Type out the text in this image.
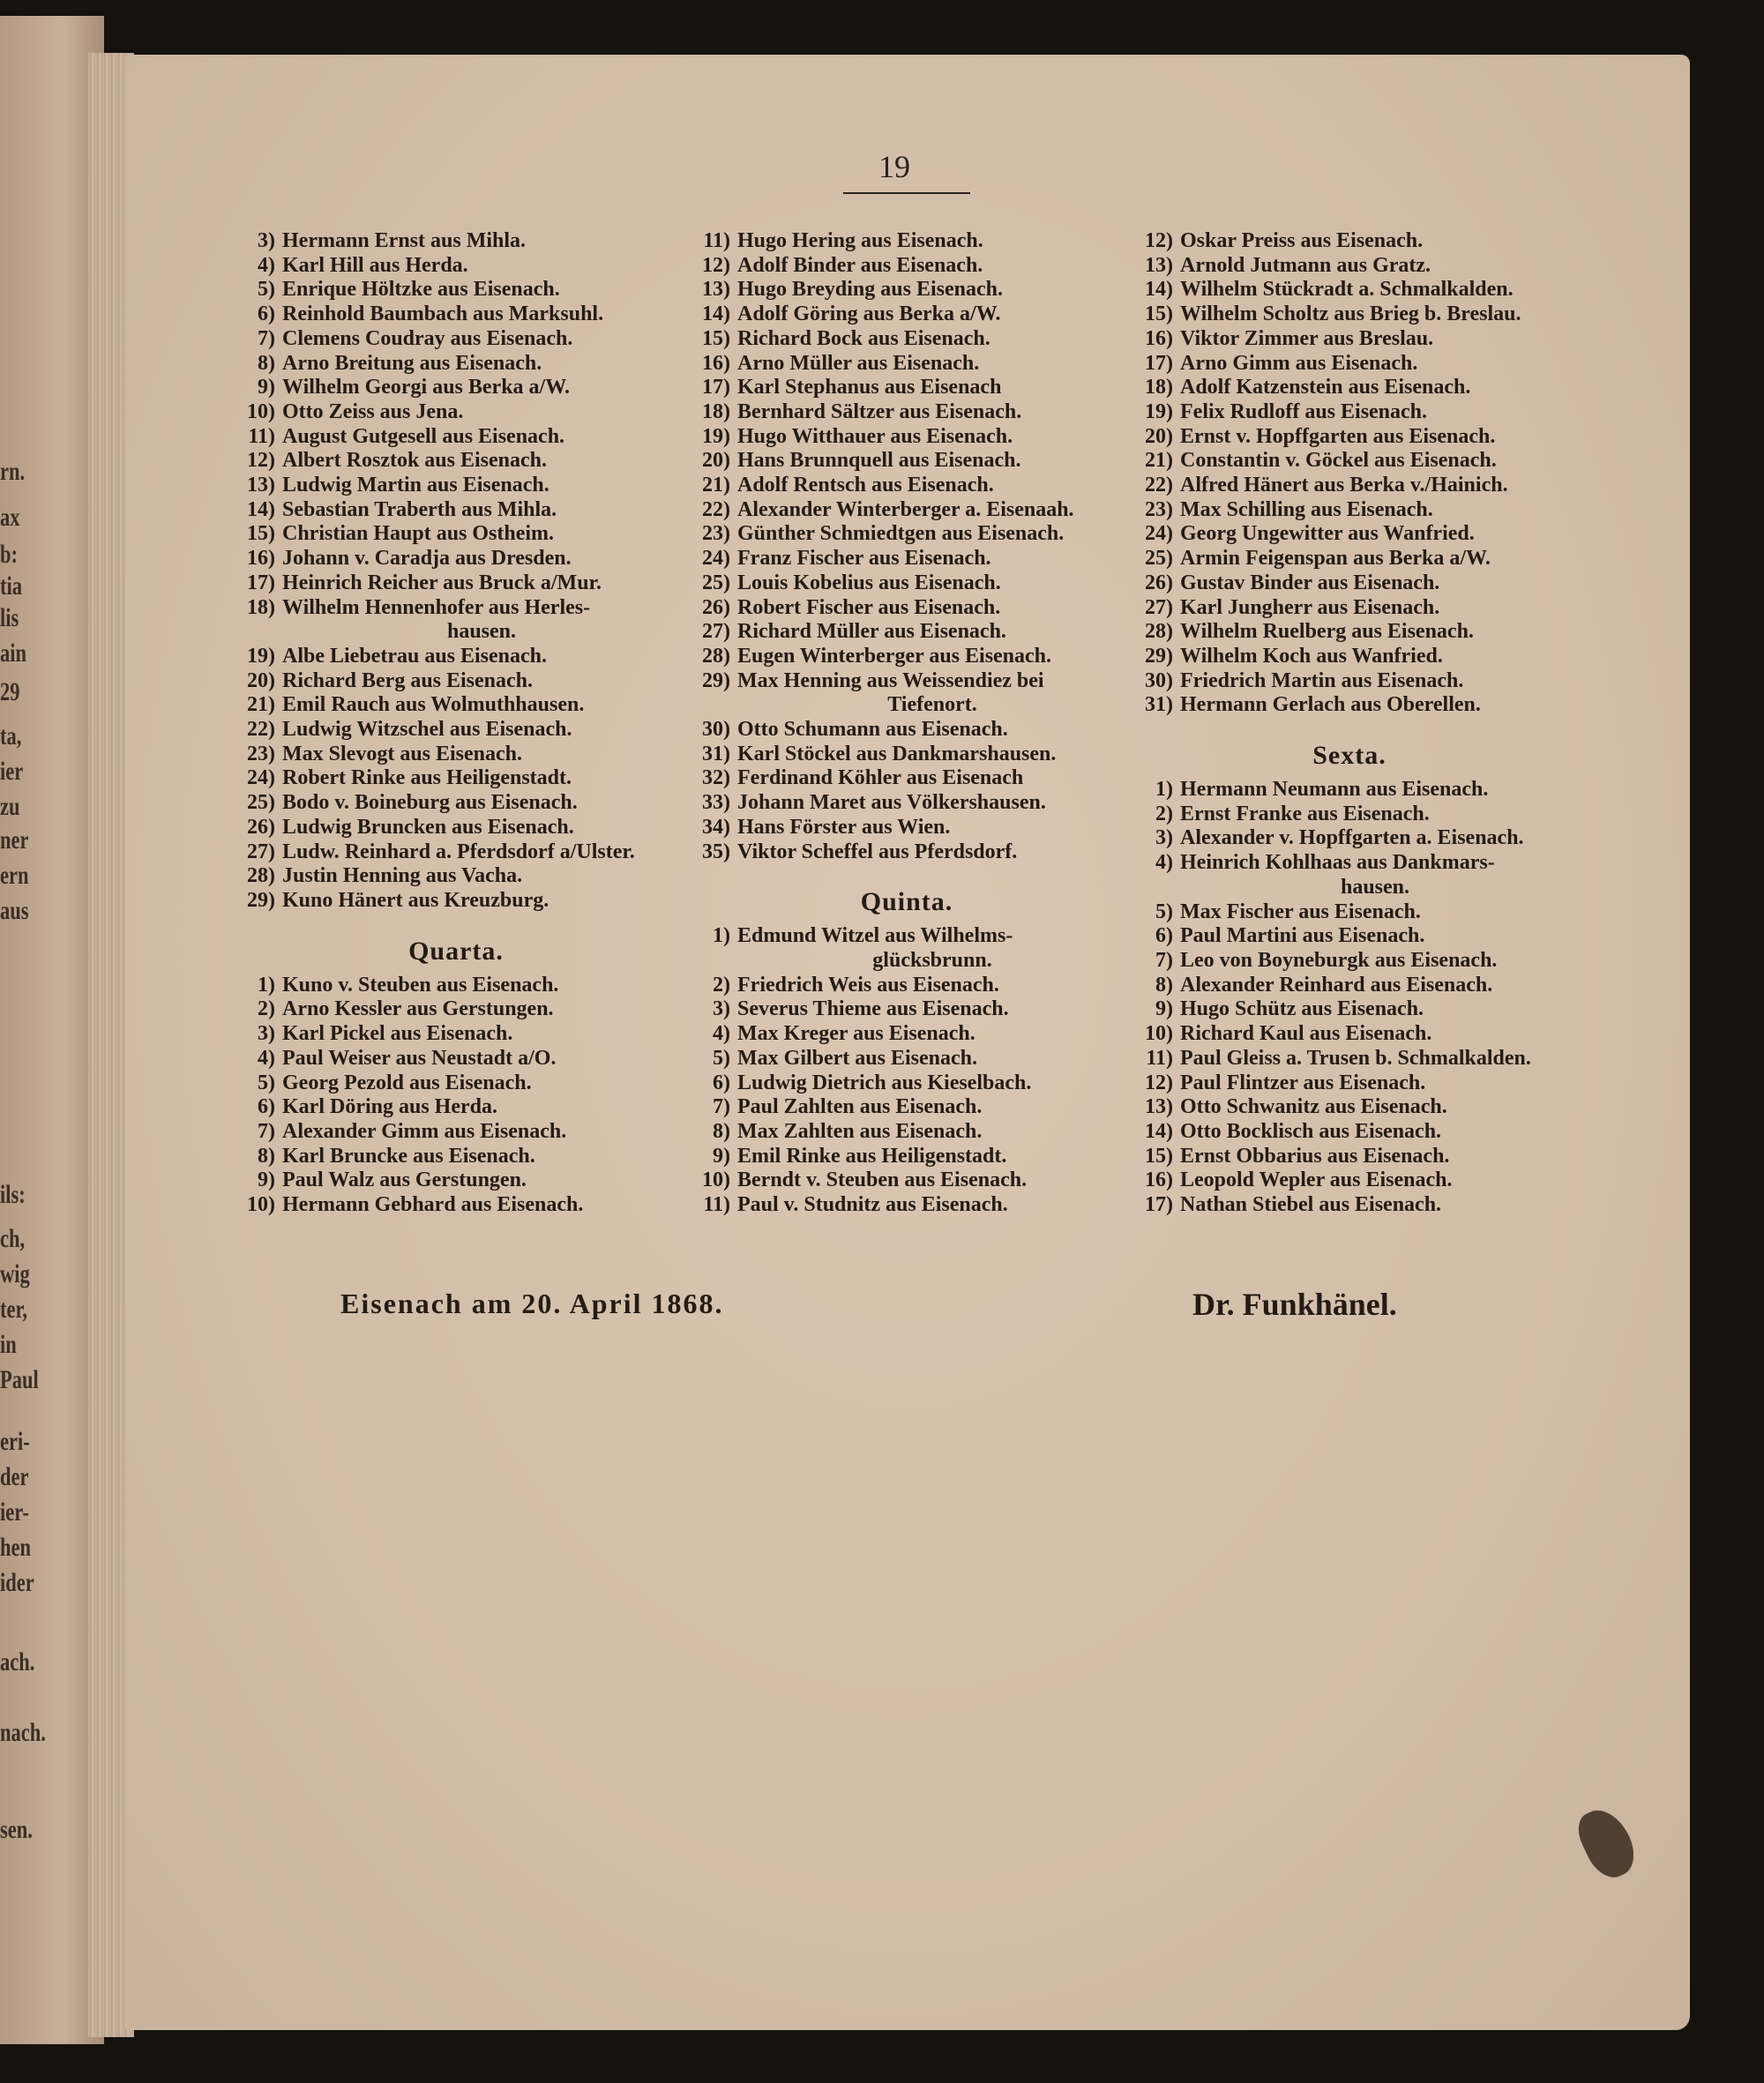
rn.
ax
b:
tia
lis
ain
29
ta,
ier
zu
ner
ern
aus
ils:
ch,
wig
ter,
in
Paul
eri-
der
ier-
hen
ider
ach.
nach.
sen.
19
3) Hermann Ernst aus Mihla.
4) Karl Hill aus Herda.
5) Enrique Höltzke aus Eisenach.
6) Reinhold Baumbach aus Marksuhl.
7) Clemens Coudray aus Eisenach.
8) Arno Breitung aus Eisenach.
9) Wilhelm Georgi aus Berka a/W.
10) Otto Zeiss aus Jena.
11) August Gutgesell aus Eisenach.
12) Albert Rosztok aus Eisenach.
13) Ludwig Martin aus Eisenach.
14) Sebastian Traberth aus Mihla.
15) Christian Haupt aus Ostheim.
16) Johann v. Caradja aus Dresden.
17) Heinrich Reicher aus Bruck a/Mur.
18) Wilhelm Hennenhofer aus Herles-
hausen.
19) Albe Liebetrau aus Eisenach.
20) Richard Berg aus Eisenach.
21) Emil Rauch aus Wolmuthhausen.
22) Ludwig Witzschel aus Eisenach.
23) Max Slevogt aus Eisenach.
24) Robert Rinke aus Heiligenstadt.
25) Bodo v. Boineburg aus Eisenach.
26) Ludwig Bruncken aus Eisenach.
27) Ludw. Reinhard a. Pferdsdorf a/Ulster.
28) Justin Henning aus Vacha.
29) Kuno Hänert aus Kreuzburg.
Quarta.
1) Kuno v. Steuben aus Eisenach.
2) Arno Kessler aus Gerstungen.
3) Karl Pickel aus Eisenach.
4) Paul Weiser aus Neustadt a/O.
5) Georg Pezold aus Eisenach.
6) Karl Döring aus Herda.
7) Alexander Gimm aus Eisenach.
8) Karl Bruncke aus Eisenach.
9) Paul Walz aus Gerstungen.
10) Hermann Gebhard aus Eisenach.
11) Hugo Hering aus Eisenach.
12) Adolf Binder aus Eisenach.
13) Hugo Breyding aus Eisenach.
14) Adolf Göring aus Berka a/W.
15) Richard Bock aus Eisenach.
16) Arno Müller aus Eisenach.
17) Karl Stephanus aus Eisenach
18) Bernhard Sältzer aus Eisenach.
19) Hugo Witthauer aus Eisenach.
20) Hans Brunnquell aus Eisenach.
21) Adolf Rentsch aus Eisenach.
22) Alexander Winterberger a. Eisenaah.
23) Günther Schmiedtgen aus Eisenach.
24) Franz Fischer aus Eisenach.
25) Louis Kobelius aus Eisenach.
26) Robert Fischer aus Eisenach.
27) Richard Müller aus Eisenach.
28) Eugen Winterberger aus Eisenach.
29) Max Henning aus Weissendiez bei
Tiefenort.
30) Otto Schumann aus Eisenach.
31) Karl Stöckel aus Dankmarshausen.
32) Ferdinand Köhler aus Eisenach
33) Johann Maret aus Völkershausen.
34) Hans Förster aus Wien.
35) Viktor Scheffel aus Pferdsdorf.
Quinta.
1) Edmund Witzel aus Wilhelms-
glücksbrunn.
2) Friedrich Weis aus Eisenach.
3) Severus Thieme aus Eisenach.
4) Max Kreger aus Eisenach.
5) Max Gilbert aus Eisenach.
6) Ludwig Dietrich aus Kieselbach.
7) Paul Zahlten aus Eisenach.
8) Max Zahlten aus Eisenach.
9) Emil Rinke aus Heiligenstadt.
10) Berndt v. Steuben aus Eisenach.
11) Paul v. Studnitz aus Eisenach.
12) Oskar Preiss aus Eisenach.
13) Arnold Jutmann aus Gratz.
14) Wilhelm Stückradt a. Schmalkalden.
15) Wilhelm Scholtz aus Brieg b. Breslau.
16) Viktor Zimmer aus Breslau.
17) Arno Gimm aus Eisenach.
18) Adolf Katzenstein aus Eisenach.
19) Felix Rudloff aus Eisenach.
20) Ernst v. Hopffgarten aus Eisenach.
21) Constantin v. Göckel aus Eisenach.
22) Alfred Hänert aus Berka v./Hainich.
23) Max Schilling aus Eisenach.
24) Georg Ungewitter aus Wanfried.
25) Armin Feigenspan aus Berka a/W.
26) Gustav Binder aus Eisenach.
27) Karl Jungherr aus Eisenach.
28) Wilhelm Ruelberg aus Eisenach.
29) Wilhelm Koch aus Wanfried.
30) Friedrich Martin aus Eisenach.
31) Hermann Gerlach aus Oberellen.
Sexta.
1) Hermann Neumann aus Eisenach.
2) Ernst Franke aus Eisenach.
3) Alexander v. Hopffgarten a. Eisenach.
4) Heinrich Kohlhaas aus Dankmars-
hausen.
5) Max Fischer aus Eisenach.
6) Paul Martini aus Eisenach.
7) Leo von Boyneburgk aus Eisenach.
8) Alexander Reinhard aus Eisenach.
9) Hugo Schütz aus Eisenach.
10) Richard Kaul aus Eisenach.
11) Paul Gleiss a. Trusen b. Schmalkalden.
12) Paul Flintzer aus Eisenach.
13) Otto Schwanitz aus Eisenach.
14) Otto Bocklisch aus Eisenach.
15) Ernst Obbarius aus Eisenach.
16) Leopold Wepler aus Eisenach.
17) Nathan Stiebel aus Eisenach.
Eisenach am 20. April 1868.	Dr. Funkhänel.
